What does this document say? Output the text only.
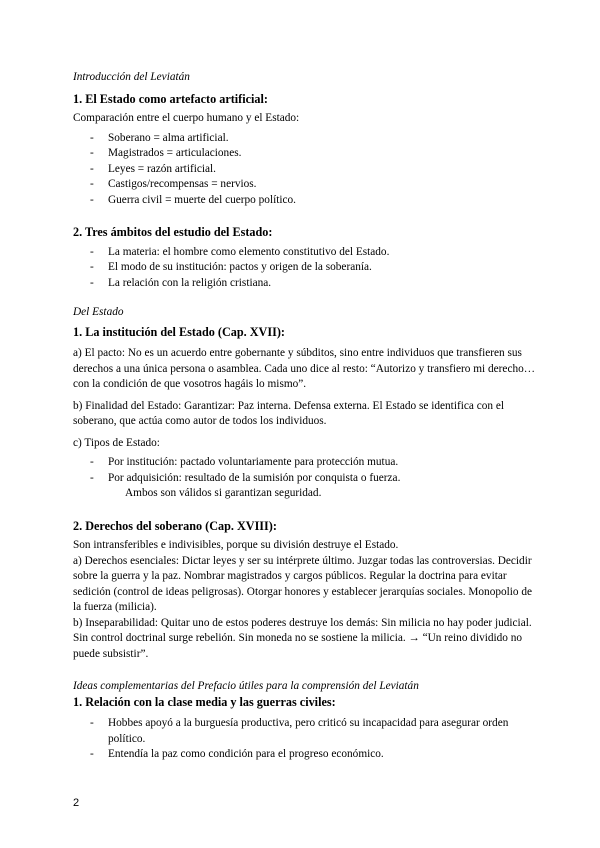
Introducción del Leviatán

1. El Estado como artefacto artificial:

Comparación entre el cuerpo humano y el Estado:

- Soberano = alma artificial.
- Magistrados = articulaciones.
- Leyes = razón artificial.
- Castigos/recompensas = nervios.
- Guerra civil = muerte del cuerpo político.

2. Tres ámbitos del estudio del Estado:

- La materia: el hombre como elemento constitutivo del Estado.
- El modo de su institución: pactos y origen de la soberanía.
- La relación con la religión cristiana.

Del Estado

1. La institución del Estado (Cap. XVII):

a) El pacto: No es un acuerdo entre gobernante y súbditos, sino entre individuos que transfieren sus derechos a una única persona o asamblea. Cada uno dice al resto: “Autorizo y transfiero mi derecho… con la condición de que vosotros hagáis lo mismo”.

b) Finalidad del Estado: Garantizar: Paz interna. Defensa externa. El Estado se identifica con el soberano, que actúa como autor de todos los individuos.

c) Tipos de Estado:

- Por institución: pactado voluntariamente para protección mutua.
- Por adquisición: resultado de la sumisión por conquista o fuerza.

Ambos son válidos si garantizan seguridad.

2. Derechos del soberano (Cap. XVIII):

Son intransferibles e indivisibles, porque su división destruye el Estado.

a) Derechos esenciales: Dictar leyes y ser su intérprete último. Juzgar todas las controversias. Decidir sobre la guerra y la paz. Nombrar magistrados y cargos públicos. Regular la doctrina para evitar sedición (control de ideas peligrosas). Otorgar honores y establecer jerarquías sociales. Monopolio de la fuerza (milicia).

b) Inseparabilidad: Quitar uno de estos poderes destruye los demás: Sin milicia no hay poder judicial. Sin control doctrinal surge rebelión. Sin moneda no se sostiene la milicia. → “Un reino dividido no puede subsistir”.

Ideas complementarias del Prefacio útiles para la comprensión del Leviatán

1. Relación con la clase media y las guerras civiles:

- Hobbes apoyó a la burguesía productiva, pero criticó su incapacidad para asegurar orden político.
- Entendía la paz como condición para el progreso económico.
2
